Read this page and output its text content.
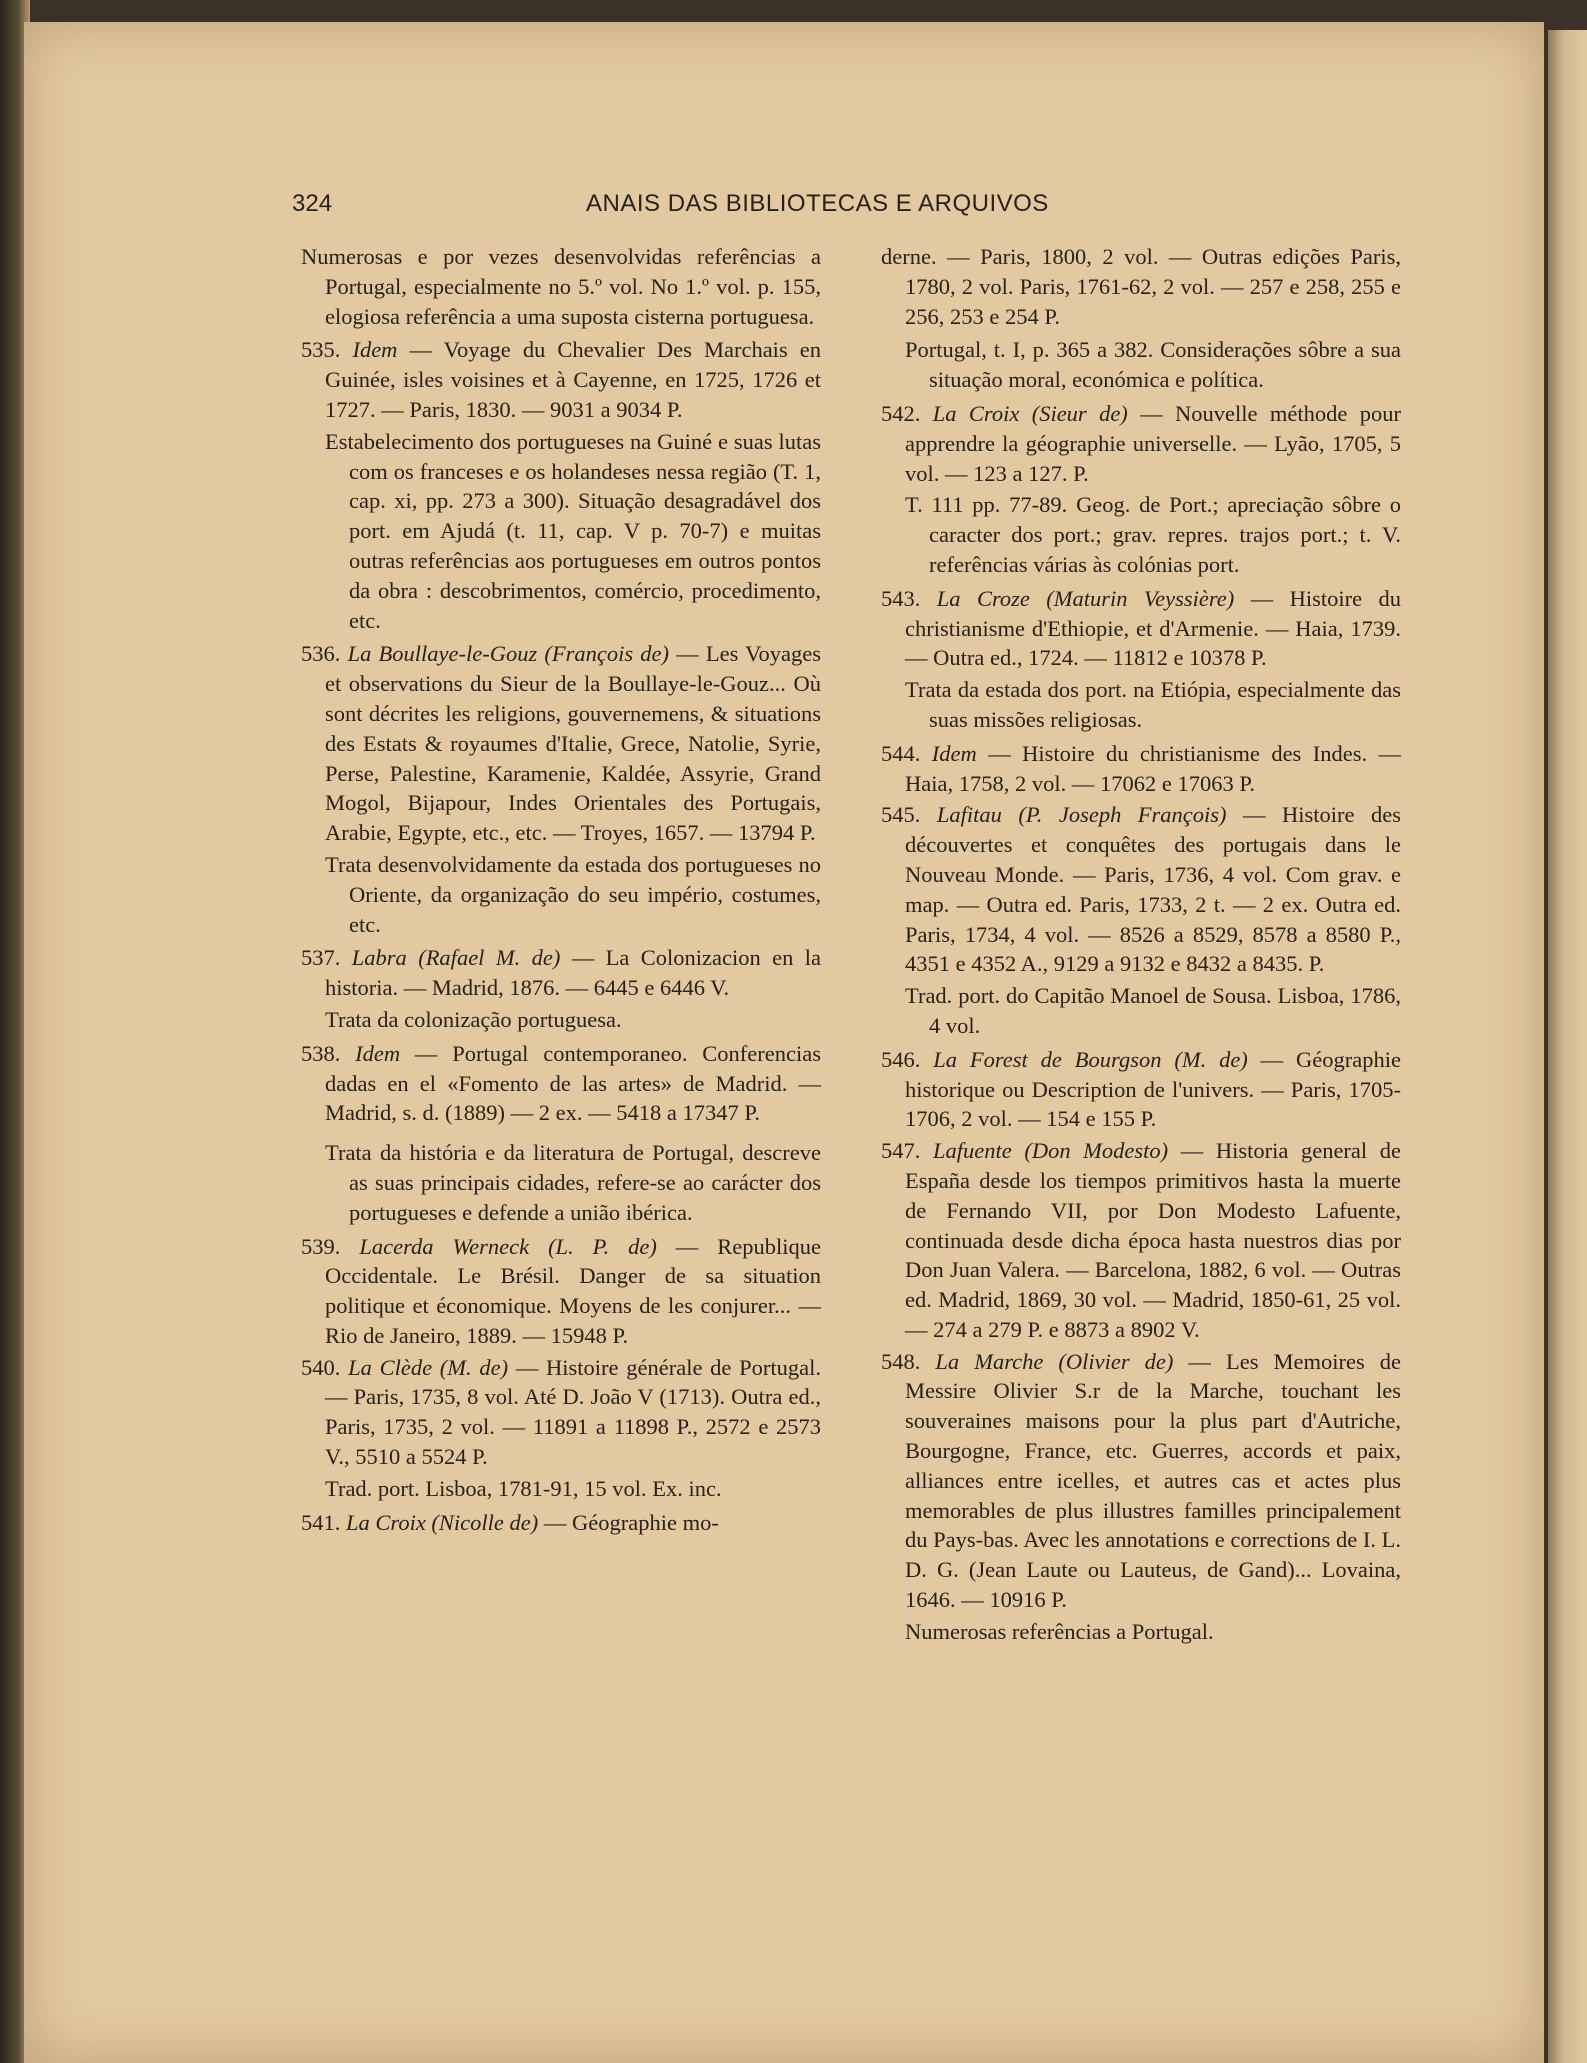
324	ANAIS DAS BIBLIOTECAS E ARQUIVOS

Numerosas e por vezes desenvolvidas referências a Portugal, especialmente no 5.º vol. No 1.º vol. p. 155, elogiosa referência a uma suposta cisterna portuguesa.

535. Idem — Voyage du Chevalier Des Marchais en Guinée, isles voisines et à Cayenne, en 1725, 1726 et 1727. — Paris, 1830. — 9031 a 9034 P.

Estabelecimento dos portugueses na Guiné e suas lutas com os franceses e os holandeses nessa região (T. 1, cap. xi, pp. 273 a 300). Situação desagradável dos port. em Ajudá (t. 11, cap. V p. 70-7) e muitas outras referências aos portugueses em outros pontos da obra : descobrimentos, comércio, procedimento, etc.

536. La Boullaye-le-Gouz (François de) — Les Voyages et observations du Sieur de la Boullaye-le-Gouz... Où sont décrites les religions, gouvernemens, & situations des Estats & royaumes d'Italie, Grece, Natolie, Syrie, Perse, Palestine, Karamenie, Kaldée, Assyrie, Grand Mogol, Bijapour, Indes Orientales des Portugais, Arabie, Egypte, etc., etc. — Troyes, 1657. — 13794 P.

Trata desenvolvidamente da estada dos portugueses no Oriente, da organização do seu império, costumes, etc.

537. Labra (Rafael M. de) — La Colonizacion en la historia. — Madrid, 1876. — 6445 e 6446 V.

Trata da colonização portuguesa.

538. Idem — Portugal contemporaneo. Conferencias dadas en el «Fomento de las artes» de Madrid. — Madrid, s. d. (1889) — 2 ex. — 5418 a 17347 P.

Trata da história e da literatura de Portugal, descreve as suas principais cidades, refere-se ao carácter dos portugueses e defende a união ibérica.

539. Lacerda Werneck (L. P. de) — Republique Occidentale. Le Brésil. Danger de sa situation politique et économique. Moyens de les conjurer... — Rio de Janeiro, 1889. — 15948 P.

540. La Clède (M. de) — Histoire générale de Portugal. — Paris, 1735, 8 vol. Até D. João V (1713). Outra ed., Paris, 1735, 2 vol. — 11891 a 11898 P., 2572 e 2573 V., 5510 a 5524 P.

Trad. port. Lisboa, 1781-91, 15 vol. Ex. inc.

541. La Croix (Nicolle de) — Géographie mo-

derne. — Paris, 1800, 2 vol. — Outras edições Paris, 1780, 2 vol. Paris, 1761-62, 2 vol. — 257 e 258, 255 e 256, 253 e 254 P.

Portugal, t. I, p. 365 a 382. Considerações sôbre a sua situação moral, económica e política.

542. La Croix (Sieur de) — Nouvelle méthode pour apprendre la géographie universelle. — Lyão, 1705, 5 vol. — 123 a 127. P.

T. 111 pp. 77-89. Geog. de Port.; apreciação sôbre o caracter dos port.; grav. repres. trajos port.; t. V. referências várias às colónias port.

543. La Croze (Maturin Veyssière) — Histoire du christianisme d'Ethiopie, et d'Armenie. — Haia, 1739. — Outra ed., 1724. — 11812 e 10378 P.

Trata da estada dos port. na Etiópia, especialmente das suas missões religiosas.

544. Idem — Histoire du christianisme des Indes. — Haia, 1758, 2 vol. — 17062 e 17063 P.

545. Lafitau (P. Joseph François) — Histoire des découvertes et conquêtes des portugais dans le Nouveau Monde. — Paris, 1736, 4 vol. Com grav. e map. — Outra ed. Paris, 1733, 2 t. — 2 ex. Outra ed. Paris, 1734, 4 vol. — 8526 a 8529, 8578 a 8580 P., 4351 e 4352 A., 9129 a 9132 e 8432 a 8435. P.

Trad. port. do Capitão Manoel de Sousa. Lisboa, 1786, 4 vol.

546. La Forest de Bourgson (M. de) — Géographie historique ou Description de l'univers. — Paris, 1705-1706, 2 vol. — 154 e 155 P.

547. Lafuente (Don Modesto) — Historia general de España desde los tiempos primitivos hasta la muerte de Fernando VII, por Don Modesto Lafuente, continuada desde dicha época hasta nuestros dias por Don Juan Valera. — Barcelona, 1882, 6 vol. — Outras ed. Madrid, 1869, 30 vol. — Madrid, 1850-61, 25 vol. — 274 a 279 P. e 8873 a 8902 V.

548. La Marche (Olivier de) — Les Memoires de Messire Olivier S.r de la Marche, touchant les souveraines maisons pour la plus part d'Autriche, Bourgogne, France, etc. Guerres, accords et paix, alliances entre icelles, et autres cas et actes plus memorables de plus illustres familles principalement du Pays-bas. Avec les annotations e corrections de I. L. D. G. (Jean Laute ou Lauteus, de Gand)... Lovaina, 1646. — 10916 P.

Numerosas referências a Portugal.
